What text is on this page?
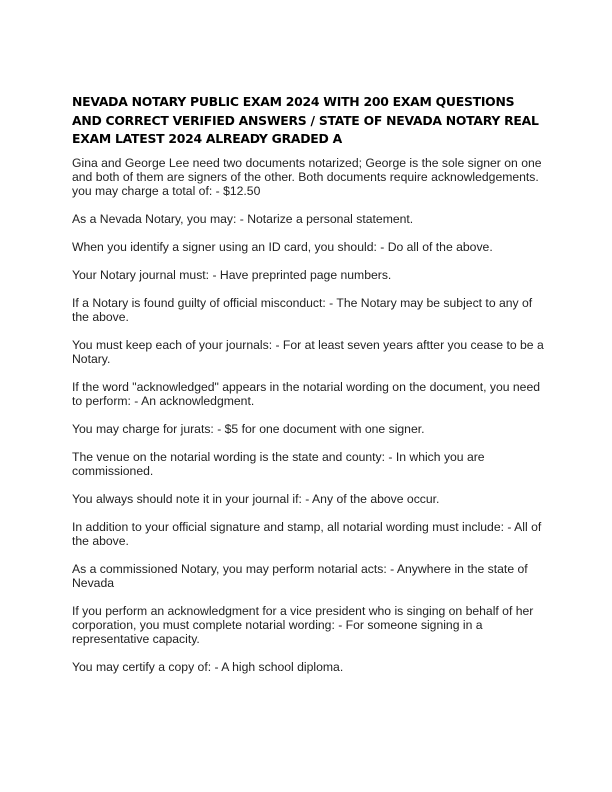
NEVADA NOTARY PUBLIC EXAM 2024 WITH 200 EXAM QUESTIONS AND CORRECT VERIFIED ANSWERS / STATE OF NEVADA NOTARY REAL EXAM LATEST 2024 ALREADY GRADED A

Gina and George Lee need two documents notarized; George is the sole signer on one and both of them are signers of the other. Both documents require acknowledgements. you may charge a total of: - $12.50

As a Nevada Notary, you may: - Notarize a personal statement.

When you identify a signer using an ID card, you should: - Do all of the above.

Your Notary journal must: - Have preprinted page numbers.

If a Notary is found guilty of official misconduct: - The Notary may be subject to any of the above.

You must keep each of your journals: - For at least seven years aftter you cease to be a Notary.

If the word "acknowledged" appears in the notarial wording on the document, you need to perform: - An acknowledgment.

You may charge for jurats: - $5 for one document with one signer.

The venue on the notarial wording is the state and county: - In which you are commissioned.

You always should note it in your journal if: - Any of the above occur.

In addition to your official signature and stamp, all notarial wording must include: - All of the above.

As a commissioned Notary, you may perform notarial acts: - Anywhere in the state of Nevada

If you perform an acknowledgment for a vice president who is singing on behalf of her corporation, you must complete notarial wording: - For someone signing in a representative capacity.

You may certify a copy of: - A high school diploma.
